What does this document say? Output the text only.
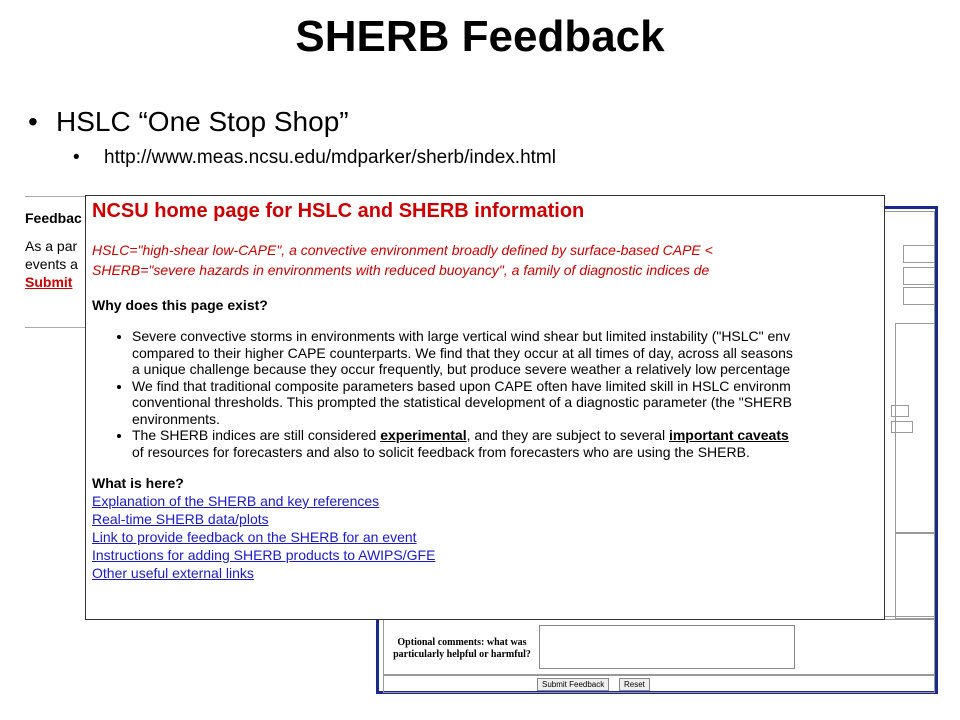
SHERB Feedback
• HSLC “One Stop Shop”
• http://www.meas.ncsu.edu/mdparker/sherb/index.html
Feedbac
As a par
events a
Submit
Optional comments: what was particularly helpful or harmful?
Submit Feedback	Reset
NCSU home page for HSLC and SHERB information
HSLC="high-shear low-CAPE", a convective environment broadly defined by surface-based CAPE <
SHERB="severe hazards in environments with reduced buoyancy", a family of diagnostic indices de
Why does this page exist?
• Severe convective storms in environments with large vertical wind shear but limited instability ("HSLC" env
compared to their higher CAPE counterparts. We find that they occur at all times of day, across all seasons
a unique challenge because they occur frequently, but produce severe weather a relatively low percentage
• We find that traditional composite parameters based upon CAPE often have limited skill in HSLC environm
conventional thresholds. This prompted the statistical development of a diagnostic parameter (the "SHERB
environments.
• The SHERB indices are still considered experimental, and they are subject to several important caveats
of resources for forecasters and also to solicit feedback from forecasters who are using the SHERB.
What is here?
Explanation of the SHERB and key references
Real-time SHERB data/plots
Link to provide feedback on the SHERB for an event
Instructions for adding SHERB products to AWIPS/GFE
Other useful external links
